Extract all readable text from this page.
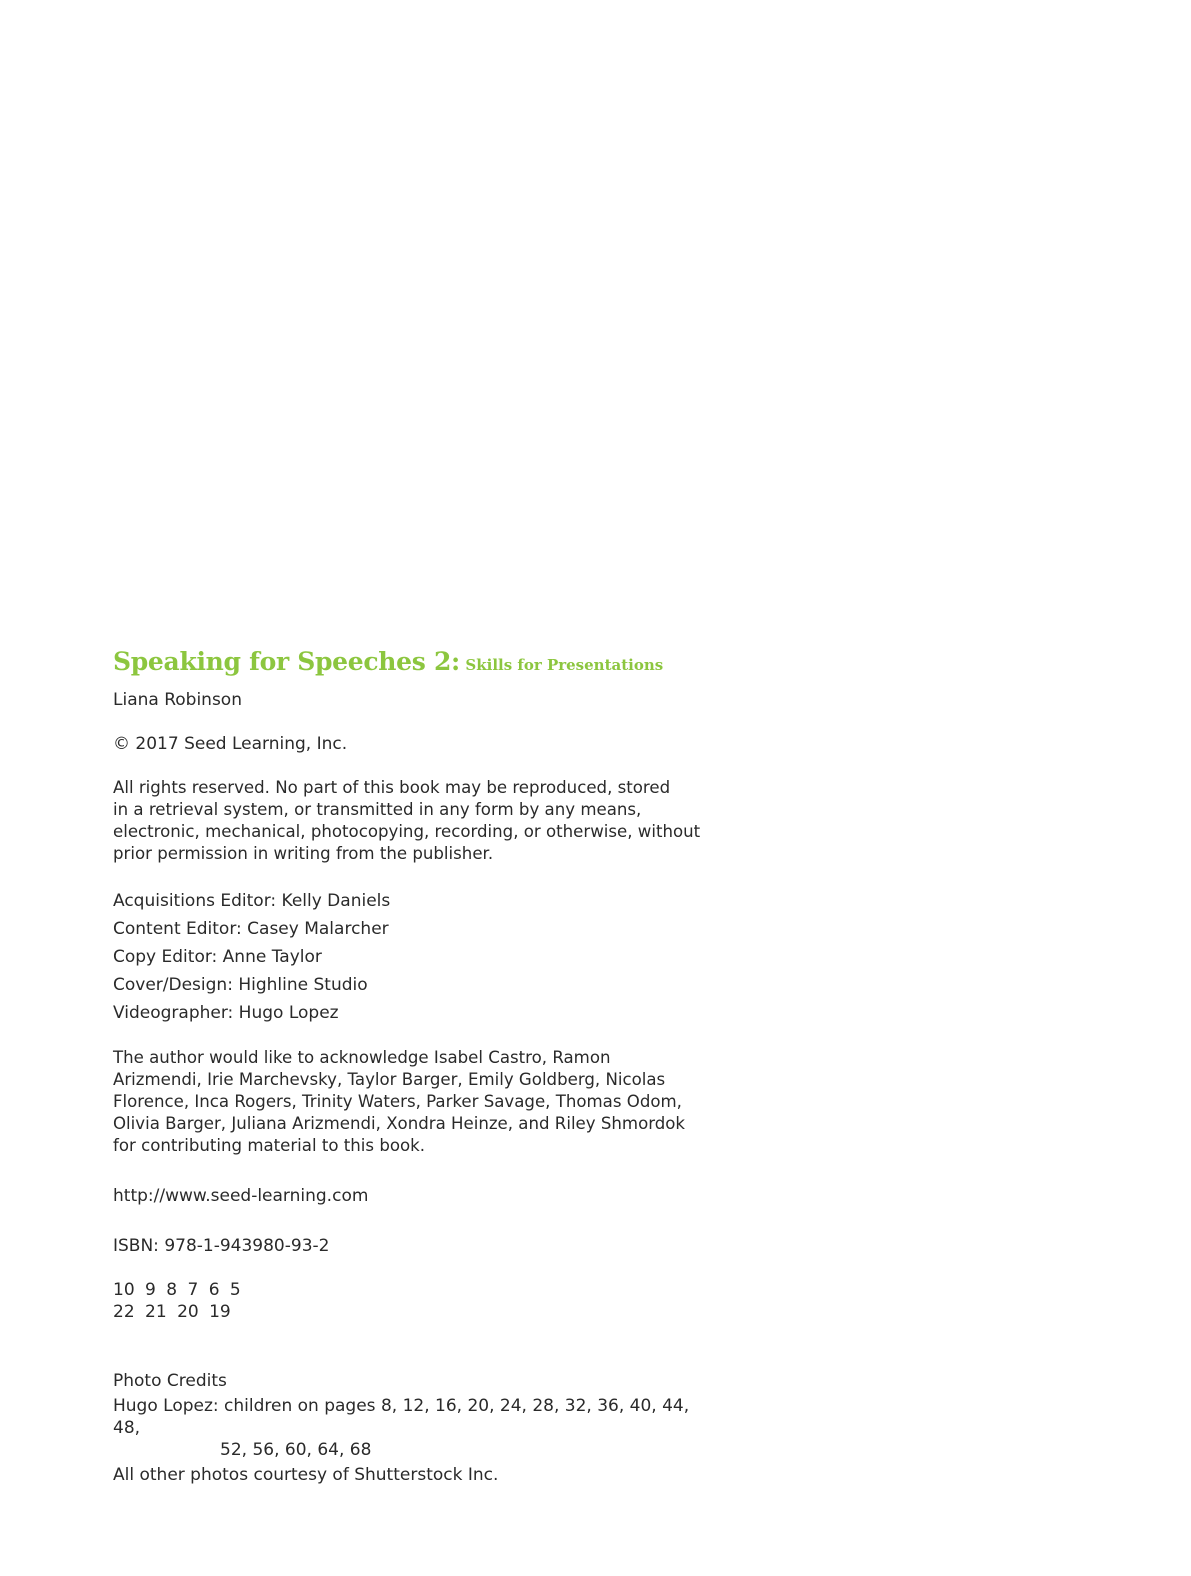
Speaking for Speeches 2: Skills for Presentations

Liana Robinson

© 2017 Seed Learning, Inc.

All rights reserved. No part of this book may be reproduced, stored

in a retrieval system, or transmitted in any form by any means,

electronic, mechanical, photocopying, recording, or otherwise, without

prior permission in writing from the publisher.

Acquisitions Editor: Kelly Daniels

Content Editor: Casey Malarcher

Copy Editor: Anne Taylor

Cover/Design: Highline Studio

Videographer: Hugo Lopez

The author would like to acknowledge Isabel Castro, Ramon

Arizmendi, Irie Marchevsky, Taylor Barger, Emily Goldberg, Nicolas

Florence, Inca Rogers, Trinity Waters, Parker Savage, Thomas Odom,

Olivia Barger, Juliana Arizmendi, Xondra Heinze, and Riley Shmordok

for contributing material to this book.

http://www.seed-learning.com

ISBN: 978-1-943980-93-2

10 9 8 7 6 5

22 21 20 19

Photo Credits

Hugo Lopez: children on pages 8, 12, 16, 20, 24, 28, 32, 36, 40, 44, 48,
52, 56, 60, 64, 68

All other photos courtesy of Shutterstock Inc.
